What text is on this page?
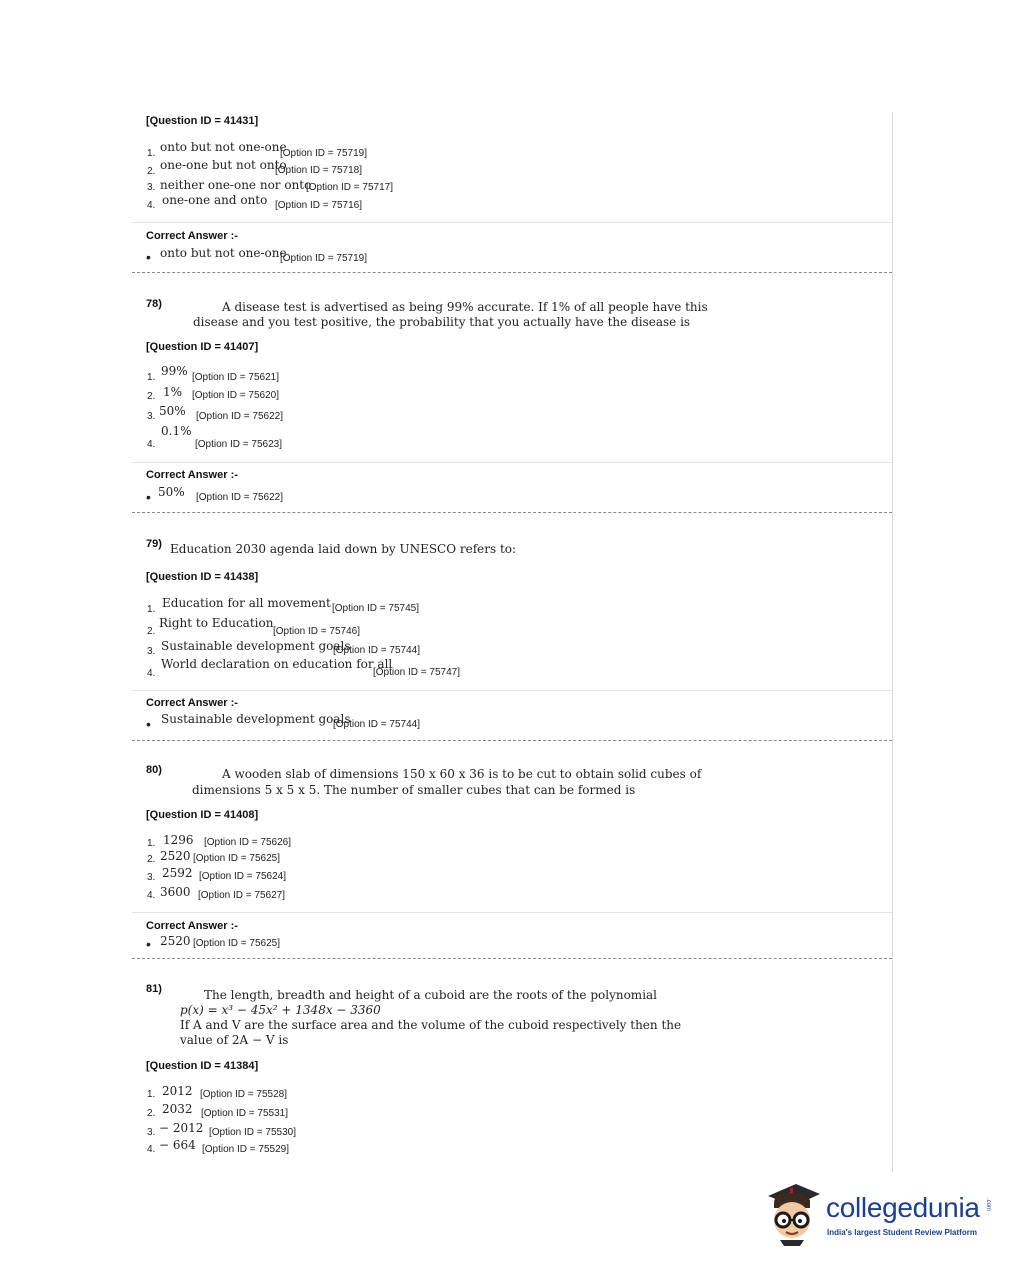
[Question ID = 41431]
1. onto but not one-one
[Option ID = 75719]
2. one-one but not onto
[Option ID = 75718]
3. neither one-one nor onto
[Option ID = 75717]
4. one-one and onto [Option ID = 75716]
Correct Answer :-
• onto but not one-one
[Option ID = 75719]
78)	A disease test is advertised as being 99% accurate. If 1% of all people have this
disease and you test positive, the probability that you actually have the disease is
[Question ID = 41407]
1. 99% [Option ID = 75621]
2. 1% [Option ID = 75620]
3. 50% [Option ID = 75622]
4.
0.1%
[Option ID = 75623]
Correct Answer :-
• 50% [Option ID = 75622]
79) Education 2030 agenda laid down by UNESCO refers to:
[Question ID = 41438]
1. Education for all movement [Option ID = 75745]
2.
Right to Education
[Option ID = 75746]
3. Sustainable development goals
[Option ID = 75744]
4.
World declaration on education for all
[Option ID = 75747]
Correct Answer :-
• Sustainable development goals
[Option ID = 75744]
80)	A wooden slab of dimensions 150 x 60 x 36 is to be cut to obtain solid cubes of
dimensions 5 x 5 x 5. The number of smaller cubes that can be formed is
[Question ID = 41408]
1. 1296 [Option ID = 75626]
2. 2520 [Option ID = 75625]
3. 2592 [Option ID = 75624]
4. 3600 [Option ID = 75627]
Correct Answer :-
• 2520 [Option ID = 75625]
81)	The length, breadth and height of a cuboid are the roots of the polynomial
p(x) = x³ − 45x² + 1348x − 3360
If A and V are the surface area and the volume of the cuboid respectively then the
value of 2A − V is
[Question ID = 41384]
1. 2012 [Option ID = 75528]
2. 2032 [Option ID = 75531]
3. − 2012 [Option ID = 75530]
4. − 664 [Option ID = 75529]
collegedunia .com
India's largest Student Review Platform
